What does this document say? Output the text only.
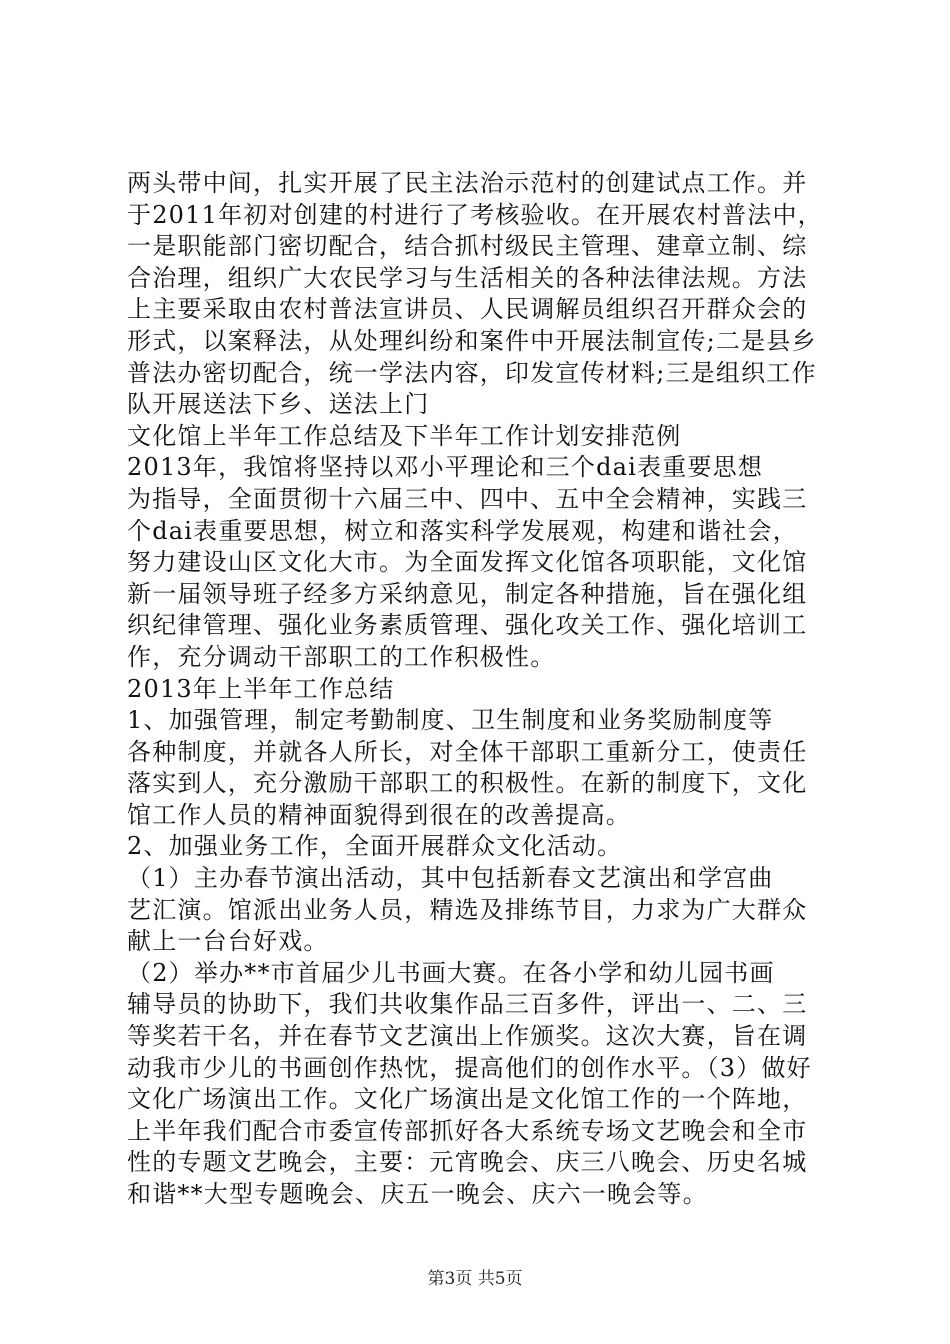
两头带中间，扎实开展了民主法治示范村的创建试点工作。并
于2011年初对创建的村进行了考核验收。在开展农村普法中，
一是职能部门密切配合，结合抓村级民主管理、建章立制、综
合治理，组织广大农民学习与生活相关的各种法律法规。方法
上主要采取由农村普法宣讲员、人民调解员组织召开群众会的
形式，以案释法，从处理纠纷和案件中开展法制宣传;二是县乡
普法办密切配合，统一学法内容，印发宣传材料;三是组织工作
队开展送法下乡、送法上门
文化馆上半年工作总结及下半年工作计划安排范例
2013年，我馆将坚持以邓小平理论和三个dai表重要思想
为指导，全面贯彻十六届三中、四中、五中全会精神，实践三
个dai表重要思想，树立和落实科学发展观，构建和谐社会，
努力建设山区文化大市。为全面发挥文化馆各项职能，文化馆
新一届领导班子经多方采纳意见，制定各种措施，旨在强化组
织纪律管理、强化业务素质管理、强化攻关工作、强化培训工
作，充分调动干部职工的工作积极性。
2013年上半年工作总结
1、加强管理，制定考勤制度、卫生制度和业务奖励制度等
各种制度，并就各人所长，对全体干部职工重新分工，使责任
落实到人，充分激励干部职工的积极性。在新的制度下，文化
馆工作人员的精神面貌得到很在的改善提高。
2、加强业务工作，全面开展群众文化活动。
（1）主办春节演出活动，其中包括新春文艺演出和学宫曲
艺汇演。馆派出业务人员，精选及排练节目，力求为广大群众
献上一台台好戏。
（2）举办**市首届少儿书画大赛。在各小学和幼儿园书画
辅导员的协助下，我们共收集作品三百多件，评出一、二、三
等奖若干名，并在春节文艺演出上作颁奖。这次大赛，旨在调
动我市少儿的书画创作热忱，提高他们的创作水平。（3）做好
文化广场演出工作。文化广场演出是文化馆工作的一个阵地，
上半年我们配合市委宣传部抓好各大系统专场文艺晚会和全市
性的专题文艺晚会，主要：元宵晚会、庆三八晚会、历史名城
和谐**大型专题晚会、庆五一晚会、庆六一晚会等。
第3页 共5页
